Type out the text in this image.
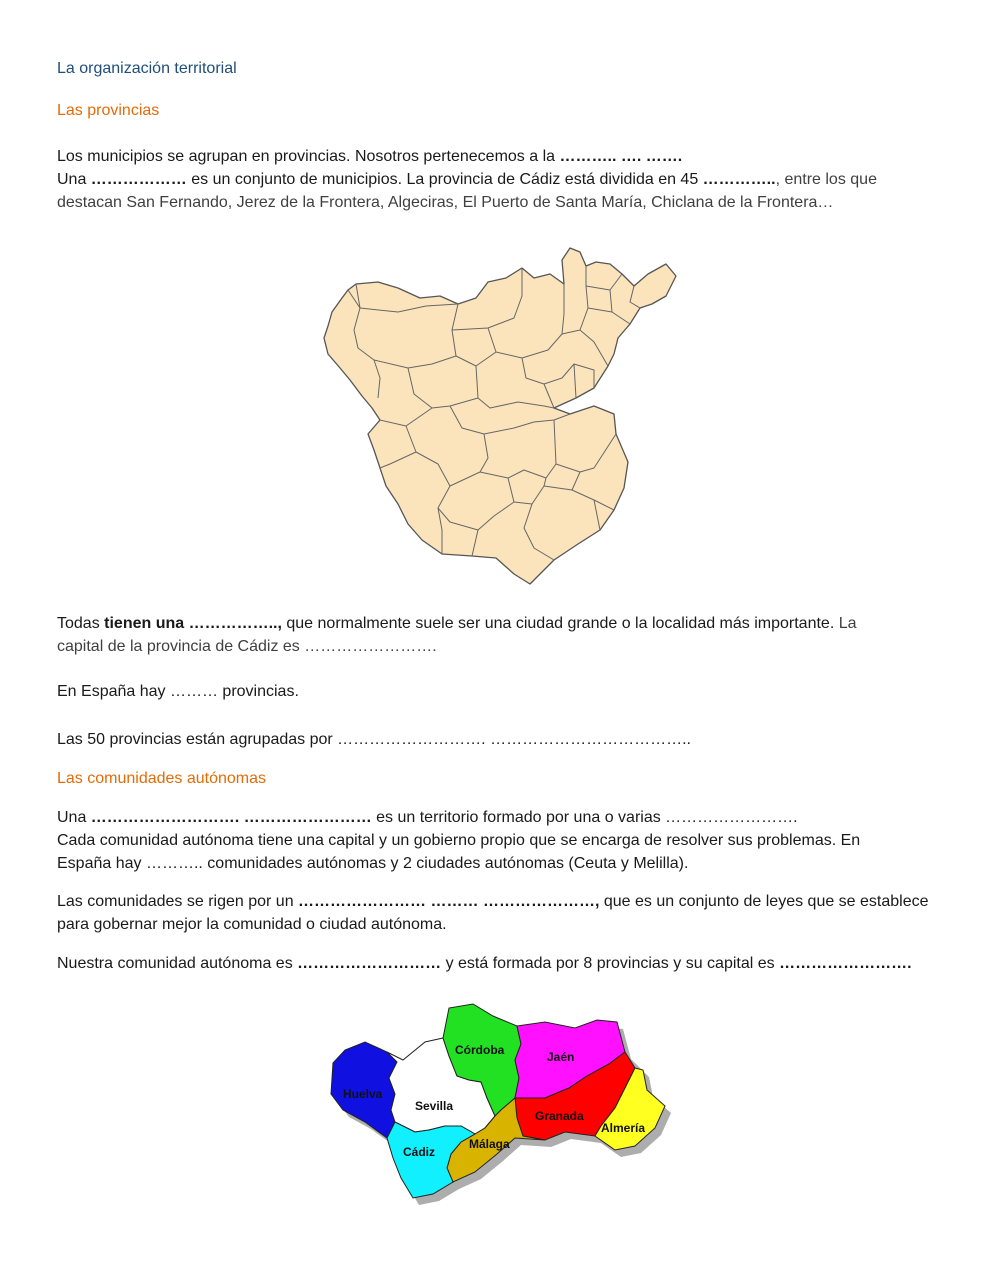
La organización territorial
Las provincias
Los municipios se agrupan en provincias. Nosotros pertenecemos a la ……….. …. …….
Una ……………… es un conjunto de municipios. La provincia de Cádiz está dividida en 45 ………….., entre los que
destacan San Fernando, Jerez de la Frontera, Algeciras, El Puerto de Santa María, Chiclana de la Frontera…
Todas tienen una …………….., que normalmente suele ser una ciudad grande o la localidad más importante. La
capital de la provincia de Cádiz es …………………….
En España hay ……… provincias.
Las 50 provincias están agrupadas por ………………………. ………………………………..
Las comunidades autónomas
Una ………………………. …………………… es un territorio formado por una o varias …………………….
Cada comunidad autónoma tiene una capital y un gobierno propio que se encarga de resolver sus problemas. En
España hay ……….. comunidades autónomas y 2 ciudades autónomas (Ceuta y Melilla).
Las comunidades se rigen por un …………………… ……… …………………, que es un conjunto de leyes que se establece
para gobernar mejor la comunidad o ciudad autónoma.
Nuestra comunidad autónoma es ……………………… y está formada por 8 provincias y su capital es …………………….
Córdoba	Jaén
Huelva
Sevilla
Granada
Almería
Málaga
Cádiz
